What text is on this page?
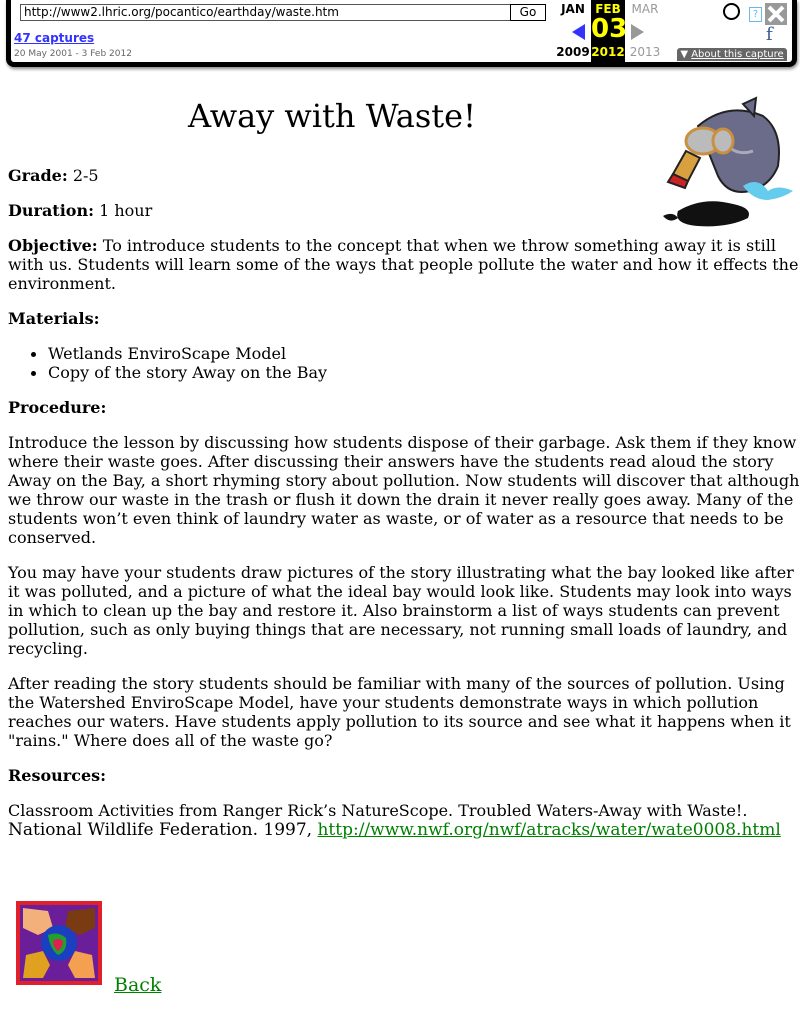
http://www2.lhric.org/pocantico/earthday/waste.htm	Go
47 captures
20 May 2001 - 3 Feb 2012
JAN
2009
FEB
03
2012
MAR
2013
?
f
▼ About this capture
Away with Waste!

Grade: 2-5

Duration: 1 hour

Objective: To introduce students to the concept that when we throw something away it is still with us. Students will learn some of the ways that people pollute the water and how it effects the environment.

Materials:

Wetlands EnviroScape Model
Copy of the story Away on the Bay

Procedure:

Introduce the lesson by discussing how students dispose of their garbage. Ask them if they know where their waste goes. After discussing their answers have the students read aloud the story Away on the Bay, a short rhyming story about pollution. Now students will discover that although we throw our waste in the trash or flush it down the drain it never really goes away. Many of the students won’t even think of laundry water as waste, or of water as a resource that needs to be conserved.

You may have your students draw pictures of the story illustrating what the bay looked like after it was polluted, and a picture of what the ideal bay would look like. Students may look into ways in which to clean up the bay and restore it. Also brainstorm a list of ways students can prevent pollution, such as only buying things that are necessary, not running small loads of laundry, and recycling.

After reading the story students should be familiar with many of the sources of pollution. Using the Watershed EnviroScape Model, have your students demonstrate ways in which pollution reaches our waters. Have students apply pollution to its source and see what it happens when it "rains." Where does all of the waste go?

Resources:

Classroom Activities from Ranger Rick’s NatureScope. Troubled Waters-Away with Waste!.
National Wildlife Federation. 1997, http://www.nwf.org/nwf/atracks/water/wate0008.html

Back
